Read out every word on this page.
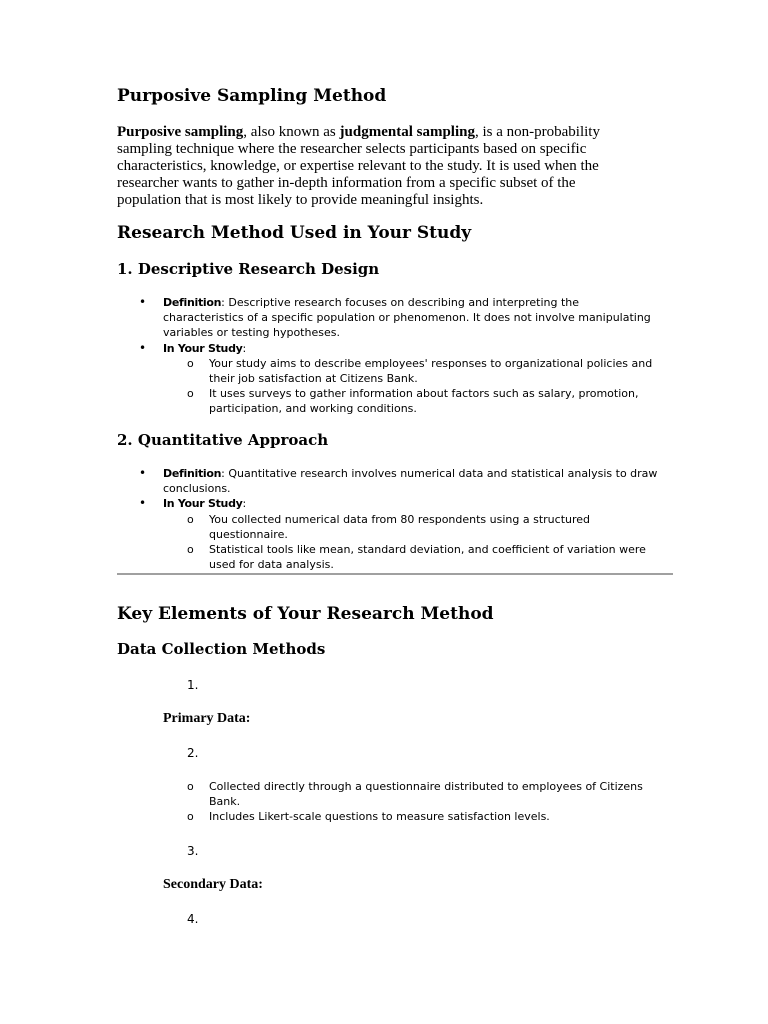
Purposive Sampling Method

Purposive sampling, also known as judgmental sampling, is a non-probability sampling technique where the researcher selects participants based on specific characteristics, knowledge, or expertise relevant to the study. It is used when the researcher wants to gather in-depth information from a specific subset of the population that is most likely to provide meaningful insights.

Research Method Used in Your Study
1. Descriptive Research Design
• Definition: Descriptive research focuses on describing and interpreting the characteristics of a specific population or phenomenon. It does not involve manipulating variables or testing hypotheses.
• In Your Study:
o Your study aims to describe employees' responses to organizational policies and their job satisfaction at Citizens Bank.
o It uses surveys to gather information about factors such as salary, promotion, participation, and working conditions.
2. Quantitative Approach
• Definition: Quantitative research involves numerical data and statistical analysis to draw conclusions.
• In Your Study:
o You collected numerical data from 80 respondents using a structured questionnaire.
o Statistical tools like mean, standard deviation, and coefficient of variation were used for data analysis.
Key Elements of Your Research Method
Data Collection Methods
1.
Primary Data:
2.
o Collected directly through a questionnaire distributed to employees of Citizens Bank.
o Includes Likert-scale questions to measure satisfaction levels.
3.
Secondary Data:
4.
